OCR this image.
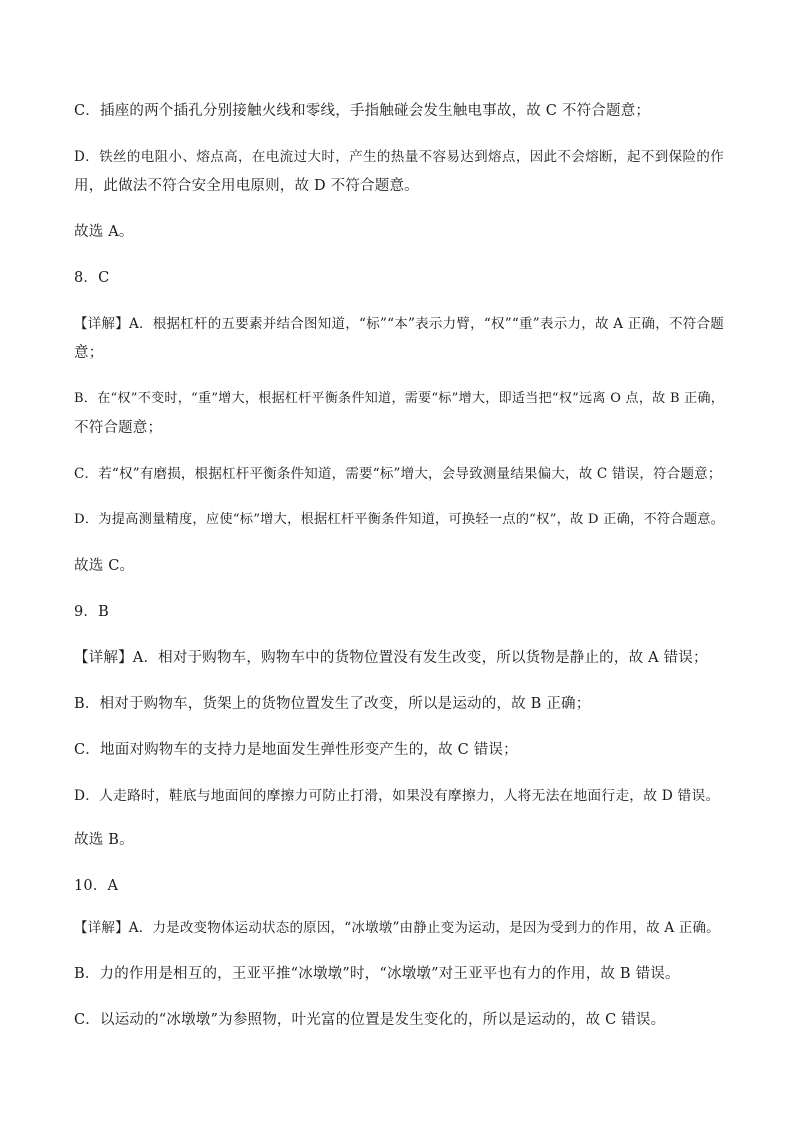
C．插座的两个插孔分别接触火线和零线，手指触碰会发生触电事故，故 C 不符合题意；
D．铁丝的电阻小、熔点高，在电流过大时，产生的热量不容易达到熔点，因此不会熔断，起不到保险的作
用，此做法不符合安全用电原则，故 D 不符合题意。
故选 A。
8．C
【详解】A．根据杠杆的五要素并结合图知道，“标”“本”表示力臂，“权”“重”表示力，故 A 正确，不符合题
意；
B．在“权”不变时，“重”增大，根据杠杆平衡条件知道，需要“标”增大，即适当把“权”远离 O 点，故 B 正确，
不符合题意；
C．若“权”有磨损，根据杠杆平衡条件知道，需要“标”增大，会导致测量结果偏大，故 C 错误，符合题意；
D．为提高测量精度，应使“标”增大，根据杠杆平衡条件知道，可换轻一点的“权”，故 D 正确，不符合题意。
故选 C。
9．B
【详解】A．相对于购物车，购物车中的货物位置没有发生改变，所以货物是静止的，故 A 错误；
B．相对于购物车，货架上的货物位置发生了改变，所以是运动的，故 B 正确；
C．地面对购物车的支持力是地面发生弹性形变产生的，故 C 错误；
D．人走路时，鞋底与地面间的摩擦力可防止打滑，如果没有摩擦力，人将无法在地面行走，故 D 错误。
故选 B。
10．A
【详解】A．力是改变物体运动状态的原因，“冰墩墩”由静止变为运动，是因为受到力的作用，故 A 正确。
B．力的作用是相互的，王亚平推“冰墩墩”时，“冰墩墩”对王亚平也有力的作用，故 B 错误。
C．以运动的“冰墩墩”为参照物，叶光富的位置是发生变化的，所以是运动的，故 C 错误。
